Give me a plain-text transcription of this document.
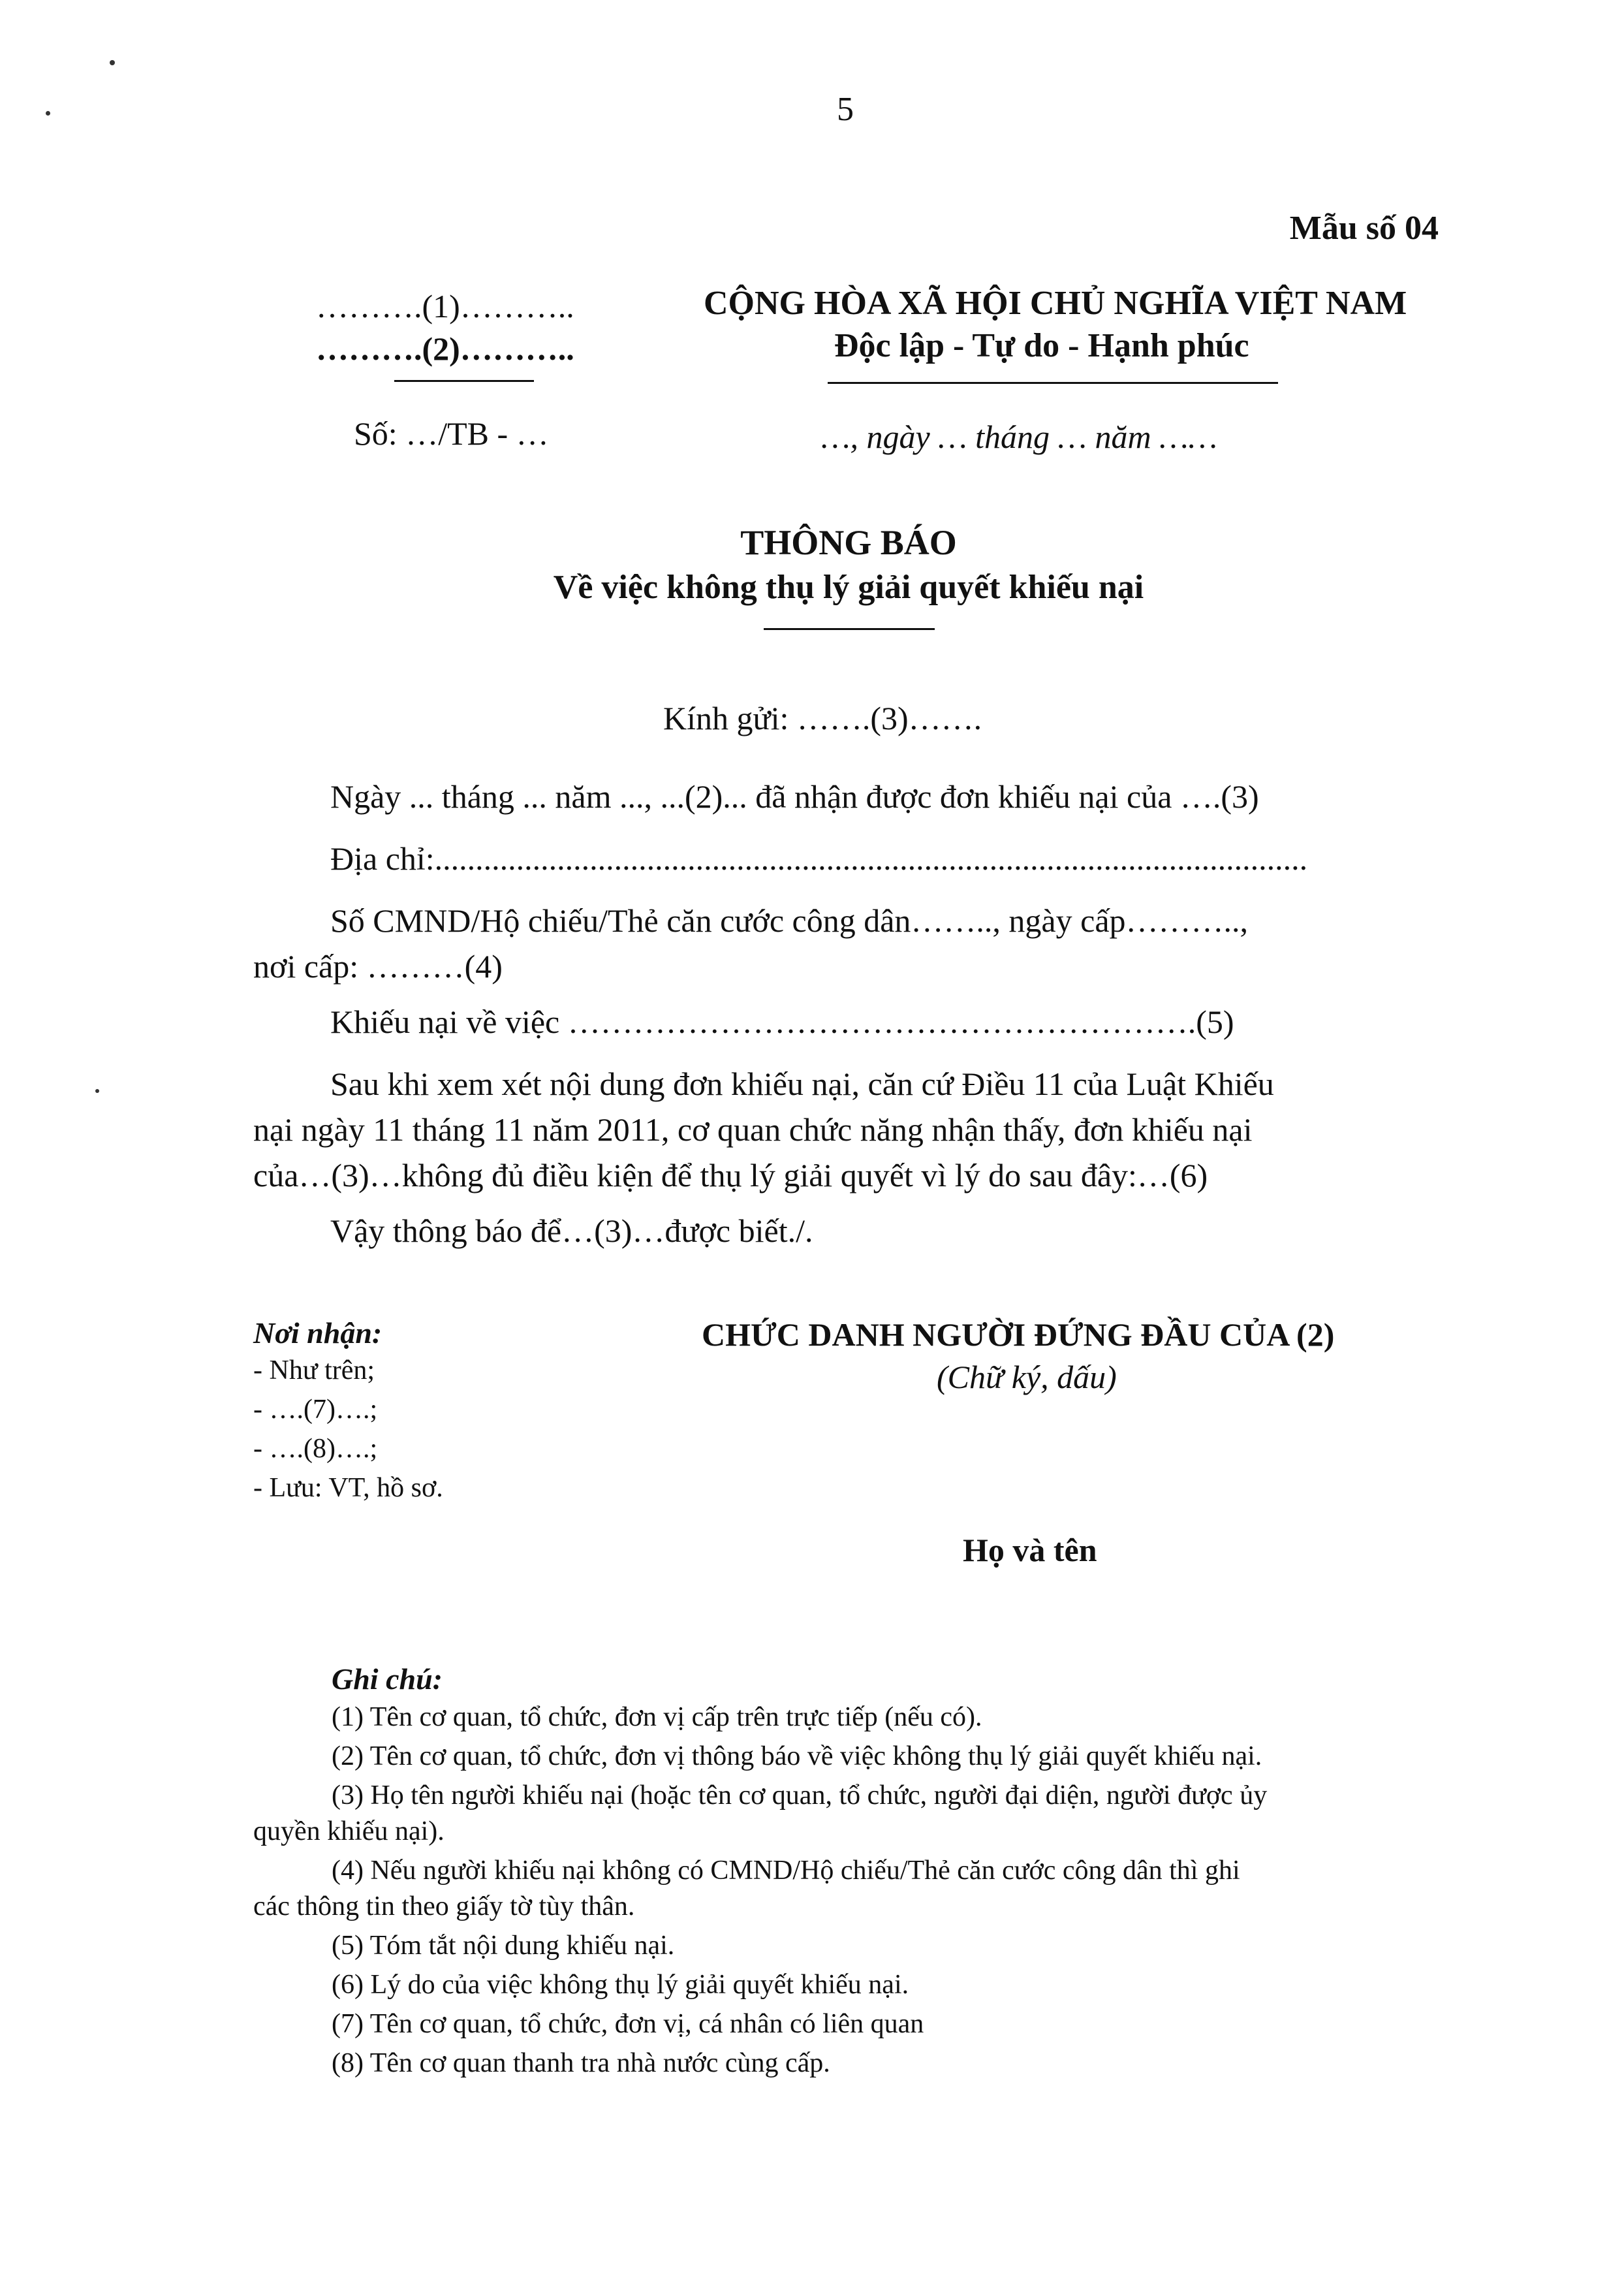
5
Mẫu số 04
……….(1)………..
……….(2)………..
Số: …/TB - …
CỘNG HÒA XÃ HỘI CHỦ NGHĨA VIỆT NAM
Độc lập - Tự do - Hạnh phúc
…, ngày … tháng … năm ……
THÔNG BÁO
Về việc không thụ lý giải quyết khiếu nại
Kính gửi: …….(3)…….
Ngày ... tháng ... năm ..., ...(2)... đã nhận được đơn khiếu nại của ….(3)
Địa chỉ:...........................................................................................................
Số CMND/Hộ chiếu/Thẻ căn cước công dân…….., ngày cấp………..,
nơi cấp: ………(4)
Khiếu nại về việc ………………………………………………….(5)
Sau khi xem xét nội dung đơn khiếu nại, căn cứ Điều 11 của Luật Khiếu
nại ngày 11 tháng 11 năm 2011, cơ quan chức năng nhận thấy, đơn khiếu nại
của…(3)…không đủ điều kiện để thụ lý giải quyết vì lý do sau đây:…(6)
Vậy thông báo để…(3)…được biết./.
Nơi nhận:
- Như trên;
- ….(7)….;
- ….(8)….;
- Lưu: VT, hồ sơ.
CHỨC DANH NGƯỜI ĐỨNG ĐẦU CỦA (2)
(Chữ ký, dấu)
Họ và tên
Ghi chú:
(1) Tên cơ quan, tổ chức, đơn vị cấp trên trực tiếp (nếu có).
(2) Tên cơ quan, tổ chức, đơn vị thông báo về việc không thụ lý giải quyết khiếu nại.
(3) Họ tên người khiếu nại (hoặc tên cơ quan, tổ chức, người đại diện, người được ủy
quyền khiếu nại).
(4) Nếu người khiếu nại không có CMND/Hộ chiếu/Thẻ căn cước công dân thì ghi
các thông tin theo giấy tờ tùy thân.
(5) Tóm tắt nội dung khiếu nại.
(6) Lý do của việc không thụ lý giải quyết khiếu nại.
(7) Tên cơ quan, tổ chức, đơn vị, cá nhân có liên quan
(8) Tên cơ quan thanh tra nhà nước cùng cấp.
